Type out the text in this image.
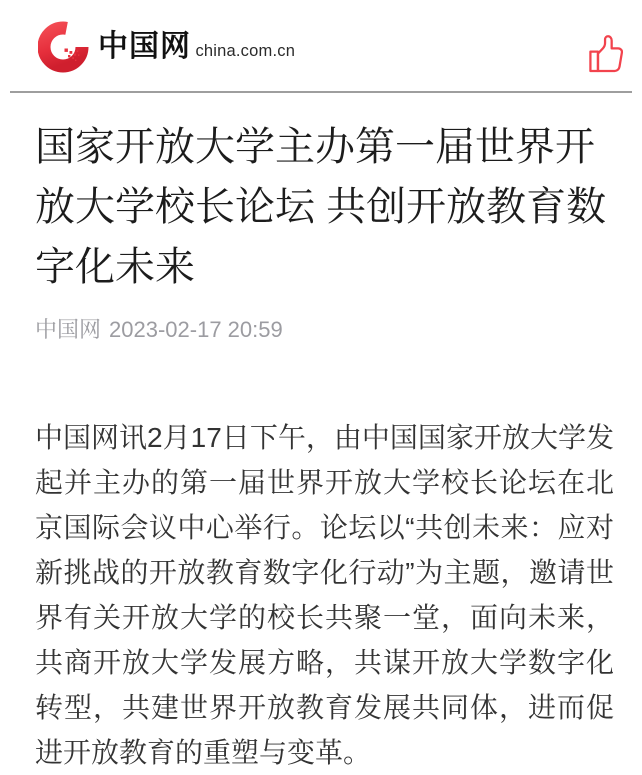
中国网 china.com.cn
国家开放大学主办第一届世界开放大学校长论坛 共创开放教育数字化未来
中国网 2023-02-17 20:59

中国网讯2月17日下午，由中国国家开放大学发起并主办的第一届世界开放大学校长论坛在北京国际会议中心举行。论坛以“共创未来：应对新挑战的开放教育数字化行动”为主题，邀请世界有关开放大学的校长共聚一堂，面向未来，共商开放大学发展方略，共谋开放大学数字化转型，共建世界开放教育发展共同体，进而促进开放教育的重塑与变革。
